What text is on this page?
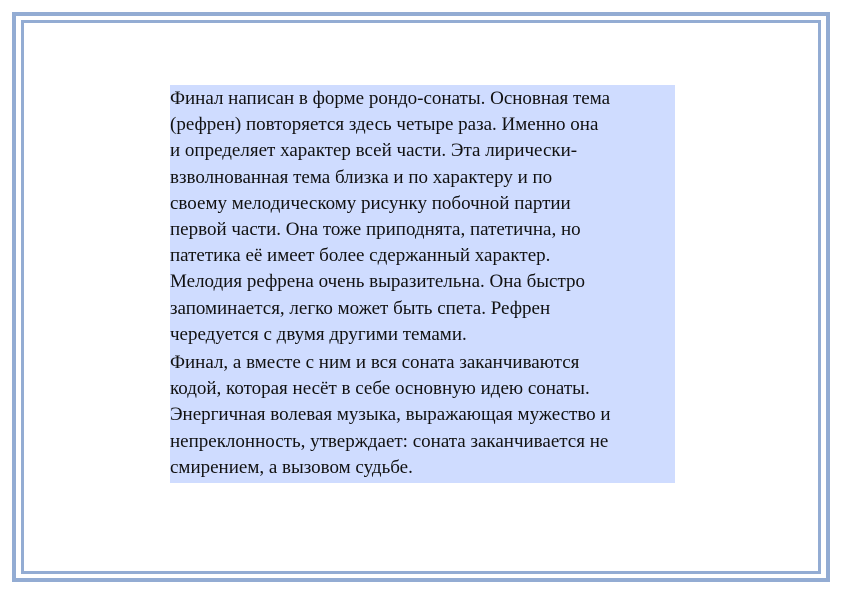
Финал написан в форме рондо-сонаты. Основная тема
(рефрен) повторяется здесь четыре раза. Именно она
и определяет характер всей части. Эта лирически-
взволнованная тема близка и по характеру и по
своему мелодическому рисунку побочной партии
первой части. Она тоже приподнята, патетична, но
патетика её имеет более сдержанный характер.
Мелодия рефрена очень выразительна. Она быстро
запоминается, легко может быть спета. Рефрен
чередуется с двумя другими темами.

Финал, а вместе с ним и вся соната заканчиваются
кодой, которая несёт в себе основную идею сонаты.
Энергичная волевая музыка, выражающая мужество и
непреклонность, утверждает: соната заканчивается не
смирением, а вызовом судьбе.
